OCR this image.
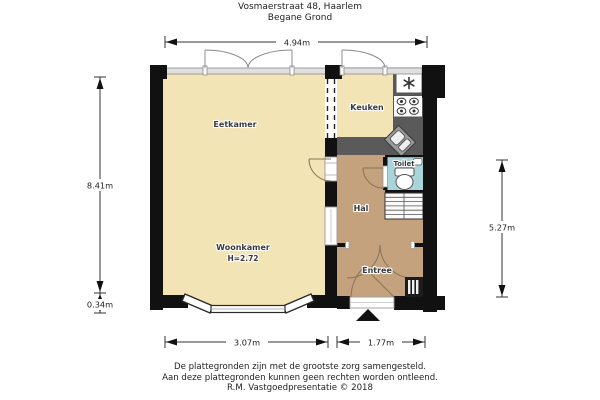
Vosmaerstraat 48, Haarlem
Begane Grond
Eetkamer
Keuken
Toilet
Hal
Woonkamer
H=2.72
Entree
4.94m
8.41m
0.34m
5.27m
3.07m	1.77m
De plattegronden zijn met de grootste zorg samengesteld.
Aan deze plattegronden kunnen geen rechten worden ontleend.
R.M. Vastgoedpresentatie © 2018
